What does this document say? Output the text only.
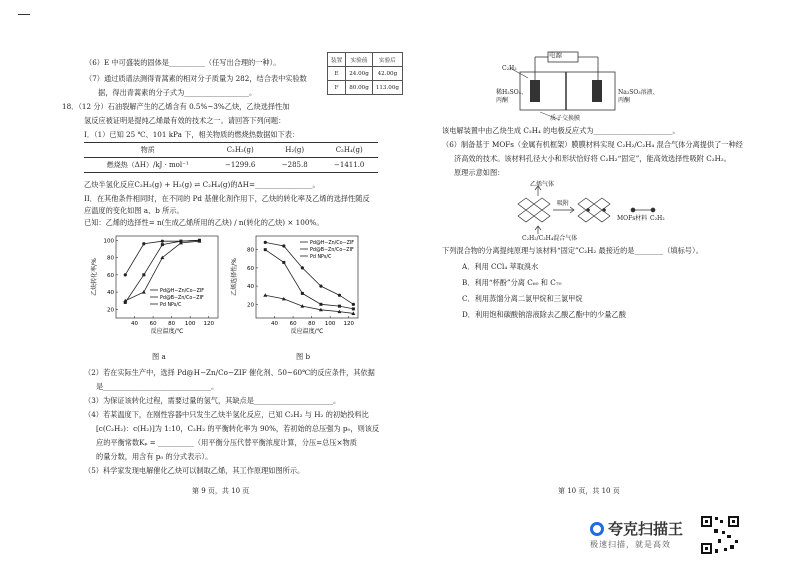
（6）E 中可盛装的固体是__________（任写出合理的一种）。
（7）通过质谱法测得青蒿素的相对分子质量为 282，结合表中实验数
据，得出青蒿素的分子式为__________________。
装置	实验前	实验后
E	24.00g	42.00g
F	80.00g	113.00g
18．（12 分）石油裂解产生的乙烯含有 0.5%~3%乙炔，乙炔选择性加
氢反应被证明是提纯乙烯最有效的技术之一。请回答下列问题：
I．（1）已知 25 ℃、101 kPa 下，相关物质的燃烧热数据如下表：
物质	C₂H₂(g)	H₂(g)	C₂H₄(g)
燃烧热（ΔH）/kJ · mol⁻¹	−1299.6	−285.8	−1411.0
乙炔半氢化反应C₂H₂(g) + H₂(g) ⇌ C₂H₄(g)的ΔH=________________。
II．在其他条件相同时，在不同的 Pd 基催化剂作用下，乙炔的转化率及乙烯的选择性随反
应温度的变化如图 a、b 所示。
已知：乙烯的选择性= n(生成乙烯所用的乙炔) / n(转化的乙炔) × 100%。
40 60 80 100 120
20
40
60
80
100
反应温度/℃
乙炔转化率/%	Pd@H−Zn/Co−ZIF
Pd@B−Zn/Co−ZIF
Pd NPs/C
图 a
40 60 80 100 120
20
40
60
80
反应温度/℃
乙烯选择性/%
Pd@H−Zn/Co−ZIF
Pd@B−Zn/Co−ZIF
Pd NPs/C
图 b
（2）若在实际生产中，选择 Pd@H−Zn/Co−ZIF 催化剂、50~60℃的反应条件，其依据
是______________________________。
（3）为保证该转化过程，需要过量的氢气，其缺点是______________________。
（4）若某温度下，在刚性容器中只发生乙炔半氢化反应，已知 C₂H₂ 与 H₂ 的初始投料比
[c(C₂H₂)：c(H₂)]为 1:10，C₂H₂ 的平衡转化率为 90%，若初始的总压强为 p₀，则该反
应的平衡常数Kₚ = __________（用平衡分压代替平衡浓度计算，分压=总压×物质
的量分数，用含有 p₀ 的分式表示）。
（5）科学家发现电解催化乙炔可以制取乙烯，其工作原理如图所示。
第 9 页，共 10 页
电源
C₂H₂
稀H₂SO₄、
丙酮
Na₂SO₃溶液、
丙酮
质子交换膜
该电解装置中由乙炔生成 C₂H₄ 的电极反应式为______________________。
（6）制备基于 MOFs（金属有机框架）膜膜材料实现 C₂H₂/C₂H₄ 混合气体分离提供了一种经
济高效的技术。该材料孔径大小和形状恰好将 C₂H₂“固定”，能高效选择性吸附 C₂H₂。
原理示意如图：
乙烯气体
吸附
MOFs材料 C₂H₂
C₂H₂/C₂H₄混合气体
下列混合物的分离提纯原理与该材料“固定”C₂H₂ 最接近的是________（填标号）。
A．利用 CCl₄ 萃取溴水
B．利用“杯酚”分离 C₆₀ 和 C₇₀
C．利用蒸馏分离二氯甲烷和三氯甲烷
D．利用饱和碳酸钠溶液除去乙酸乙酯中的少量乙酸
第 10 页，共 10 页
夸克扫描王
极速扫描，就是高效
